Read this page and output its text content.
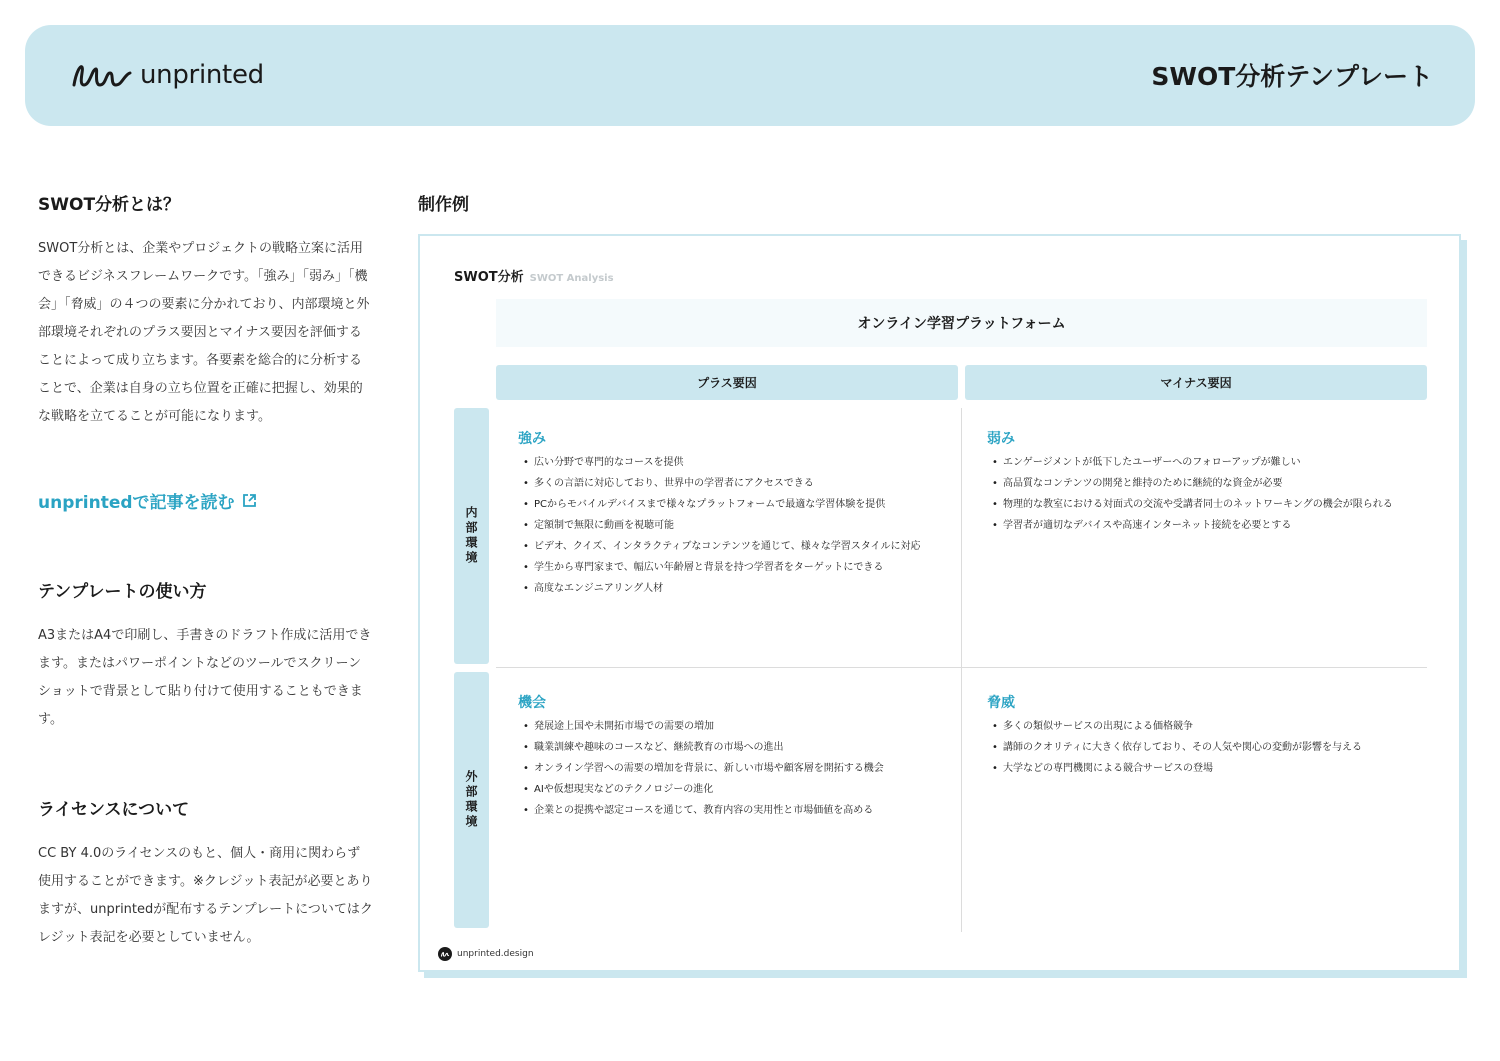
unprinted	SWOT分析テンプレート
SWOT分析とは？

SWOT分析とは、企業やプロジェクトの戦略立案に活用できるビジネスフレームワークです。「強み」「弱み」「機会」「脅威」の４つの要素に分かれており、内部環境と外部環境それぞれのプラス要因とマイナス要因を評価することによって成り立ちます。各要素を総合的に分析することで、企業は自身の立ち位置を正確に把握し、効果的な戦略を立てることが可能になります。

unprintedで記事を読む
テンプレートの使い方

A3またはA4で印刷し、手書きのドラフト作成に活用できます。またはパワーポイントなどのツールでスクリーンショットで背景として貼り付けて使用することもできます。

ライセンスについて

CC BY 4.0のライセンスのもと、個人・商用に関わらず使用することができます。※クレジット表記が必要とありますが、unprintedが配布するテンプレートについてはクレジット表記を必要としていません。

制作例
SWOT分析 SWOT Analysis
オンライン学習プラットフォーム
プラス要因	マイナス要因
内部環境
外部環境
強み
• 広い分野で専門的なコースを提供
• 多くの言語に対応しており、世界中の学習者にアクセスできる
• PCからモバイルデバイスまで様々なプラットフォームで最適な学習体験を提供
• 定額制で無限に動画を視聴可能
• ビデオ、クイズ、インタラクティブなコンテンツを通じて、様々な学習スタイルに対応
• 学生から専門家まで、幅広い年齢層と背景を持つ学習者をターゲットにできる
• 高度なエンジニアリング人材
弱み
• エンゲージメントが低下したユーザーへのフォローアップが難しい
• 高品質なコンテンツの開発と維持のために継続的な資金が必要
• 物理的な教室における対面式の交流や受講者同士のネットワーキングの機会が限られる
• 学習者が適切なデバイスや高速インターネット接続を必要とする
機会
• 発展途上国や未開拓市場での需要の増加
• 職業訓練や趣味のコースなど、継続教育の市場への進出
• オンライン学習への需要の増加を背景に、新しい市場や顧客層を開拓する機会
• AIや仮想現実などのテクノロジーの進化
• 企業との提携や認定コースを通じて、教育内容の実用性と市場価値を高める
脅威
• 多くの類似サービスの出現による価格競争
• 講師のクオリティに大きく依存しており、その人気や関心の変動が影響を与える
• 大学などの専門機関による競合サービスの登場
unprinted.design
